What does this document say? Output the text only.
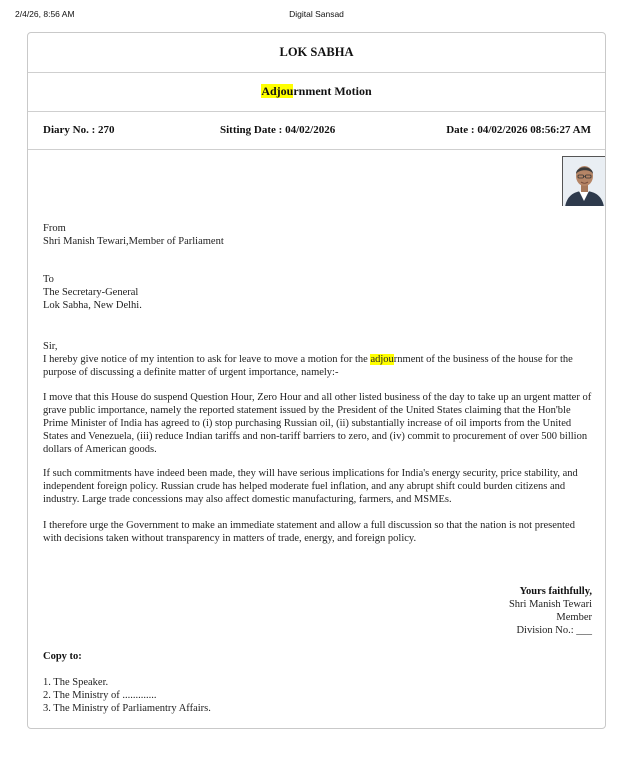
2/4/26, 8:56 AM	Digital Sansad
LOK SABHA
Adjournment Motion
Diary No. : 270	Sitting Date : 04/02/2026	Date : 04/02/2026 08:56:27 AM
From
Shri Manish Tewari,Member of Parliament
To
The Secretary-General
Lok Sabha, New Delhi.
Sir,
I hereby give notice of my intention to ask for leave to move a motion for the adjournment of the business of the house for the purpose of discussing a definite matter of urgent importance, namely:-
I move that this House do suspend Question Hour, Zero Hour and all other listed business of the day to take up an urgent matter of grave public importance, namely the reported statement issued by the President of the United States claiming that the Hon'ble Prime Minister of India has agreed to (i) stop purchasing Russian oil, (ii) substantially increase of oil imports from the United States and Venezuela, (iii) reduce Indian tariffs and non-tariff barriers to zero, and (iv) commit to procurement of over 500 billion dollars of American goods.
If such commitments have indeed been made, they will have serious implications for India's energy security, price stability, and independent foreign policy. Russian crude has helped moderate fuel inflation, and any abrupt shift could burden citizens and industry. Large trade concessions may also affect domestic manufacturing, farmers, and MSMEs.
I therefore urge the Government to make an immediate statement and allow a full discussion so that the nation is not presented with decisions taken without transparency in matters of trade, energy, and foreign policy.
Yours faithfully,
Shri Manish Tewari
Member
Division No.: ___
Copy to:
1. The Speaker.
2. The Ministry of .............
3. The Ministry of Parliamentry Affairs.
